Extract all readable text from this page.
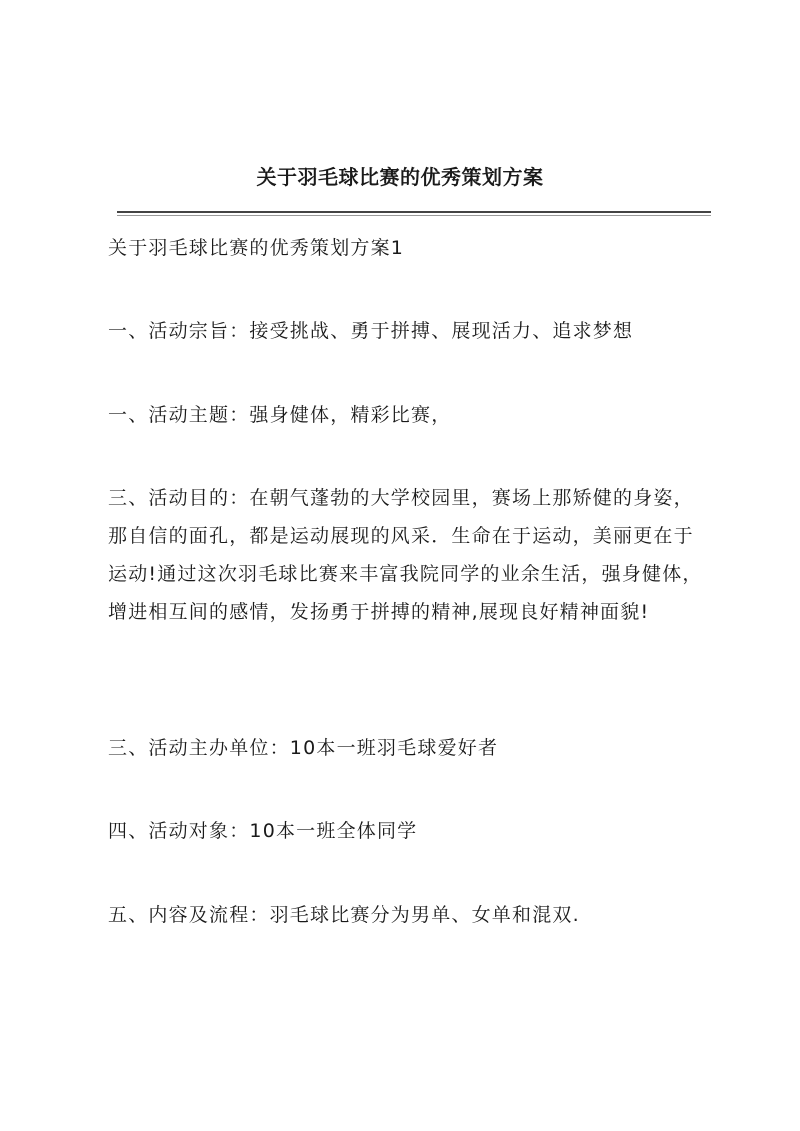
关于羽毛球比赛的优秀策划方案

关于羽毛球比赛的优秀策划方案1

一、活动宗旨：接受挑战、勇于拼搏、展现活力、追求梦想

一、活动主题：强身健体，精彩比赛，

三、活动目的：在朝气蓬勃的大学校园里，赛场上那矫健的身姿，那自信的面孔，都是运动展现的风采．生命在于运动，美丽更在于运动!通过这次羽毛球比赛来丰富我院同学的业余生活，强身健体，增进相互间的感情，发扬勇于拼搏的精神,展现良好精神面貌!

三、活动主办单位：10本一班羽毛球爱好者

四、活动对象：10本一班全体同学

五、内容及流程：羽毛球比赛分为男单、女单和混双.
